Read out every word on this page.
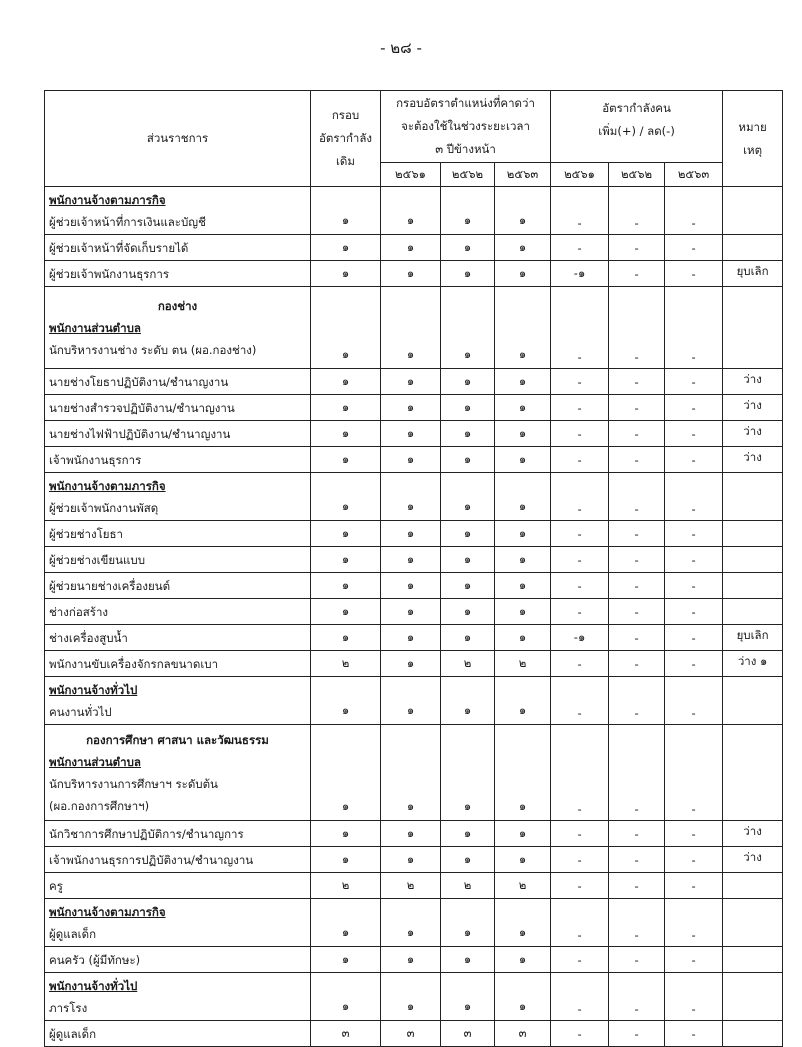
- ๒๘ -
ส่วนราชการ	กรอบ
อัตรากำลัง
เดิม	กรอบอัตราตำแหน่งที่คาดว่า
จะต้องใช้ในช่วงระยะเวลา
๓ ปีข้างหน้า			อัตรากำลังคน
เพิ่ม(+) / ลด(-)			หมาย
เหตุ

		๒๕๖๑	๒๕๖๒	๒๕๖๓	๒๕๖๑	๒๕๖๒	๒๕๖๓	

พนักงานจ้างตามภารกิจ
ผู้ช่วยเจ้าหน้าที่การเงินและบัญชี	๑	๑	๑	๑	-	-	-	

ผู้ช่วยเจ้าหน้าที่จัดเก็บรายได้	๑	๑	๑	๑	-	-	-	

ผู้ช่วยเจ้าพนักงานธุรการ	๑	๑	๑	๑	-๑	-	-	ยุบเลิก

กองช่าง
พนักงานส่วนตำบล
นักบริหารงานช่าง ระดับ ตน (ผอ.กองช่าง)	๑	๑	๑	๑	-	-	-	

นายช่างโยธาปฏิบัติงาน/ชำนาญงาน	๑	๑	๑	๑	-	-	-	ว่าง

นายช่างสำรวจปฏิบัติงาน/ชำนาญงาน	๑	๑	๑	๑	-	-	-	ว่าง

นายช่างไฟฟ้าปฏิบัติงาน/ชำนาญงาน	๑	๑	๑	๑	-	-	-	ว่าง

เจ้าพนักงานธุรการ	๑	๑	๑	๑	-	-	-	ว่าง

พนักงานจ้างตามภารกิจ
ผู้ช่วยเจ้าพนักงานพัสดุ	๑	๑	๑	๑	-	-	-	

ผู้ช่วยช่างโยธา	๑	๑	๑	๑	-	-	-	

ผู้ช่วยช่างเขียนแบบ	๑	๑	๑	๑	-	-	-	

ผู้ช่วยนายช่างเครื่องยนต์	๑	๑	๑	๑	-	-	-	

ช่างก่อสร้าง	๑	๑	๑	๑	-	-	-	

ช่างเครื่องสูบน้ำ	๑	๑	๑	๑	-๑	-	-	ยุบเลิก

พนักงานขับเครื่องจักรกลขนาดเบา	๒	๑	๒	๒	-	-	-	ว่าง ๑

พนักงานจ้างทั่วไป
คนงานทั่วไป	๑	๑	๑	๑	-	-	-	

กองการศึกษา ศาสนา และวัฒนธรรม
พนักงานส่วนตำบล
นักบริหารงานการศึกษาฯ ระดับต้น
(ผอ.กองการศึกษาฯ)	๑	๑	๑	๑	-	-	-	

นักวิชาการศึกษาปฏิบัติการ/ชำนาญการ	๑	๑	๑	๑	-	-	-	ว่าง

เจ้าพนักงานธุรการปฏิบัติงาน/ชำนาญงาน	๑	๑	๑	๑	-	-	-	ว่าง

ครู	๒	๒	๒	๒	-	-	-	

พนักงานจ้างตามภารกิจ
ผู้ดูแลเด็ก	๑	๑	๑	๑	-	-	-	

คนครัว (ผู้มีทักษะ)	๑	๑	๑	๑	-	-	-	

พนักงานจ้างทั่วไป
ภารโรง	๑	๑	๑	๑	-	-	-	

ผู้ดูแลเด็ก	๓	๓	๓	๓	-	-	-	
